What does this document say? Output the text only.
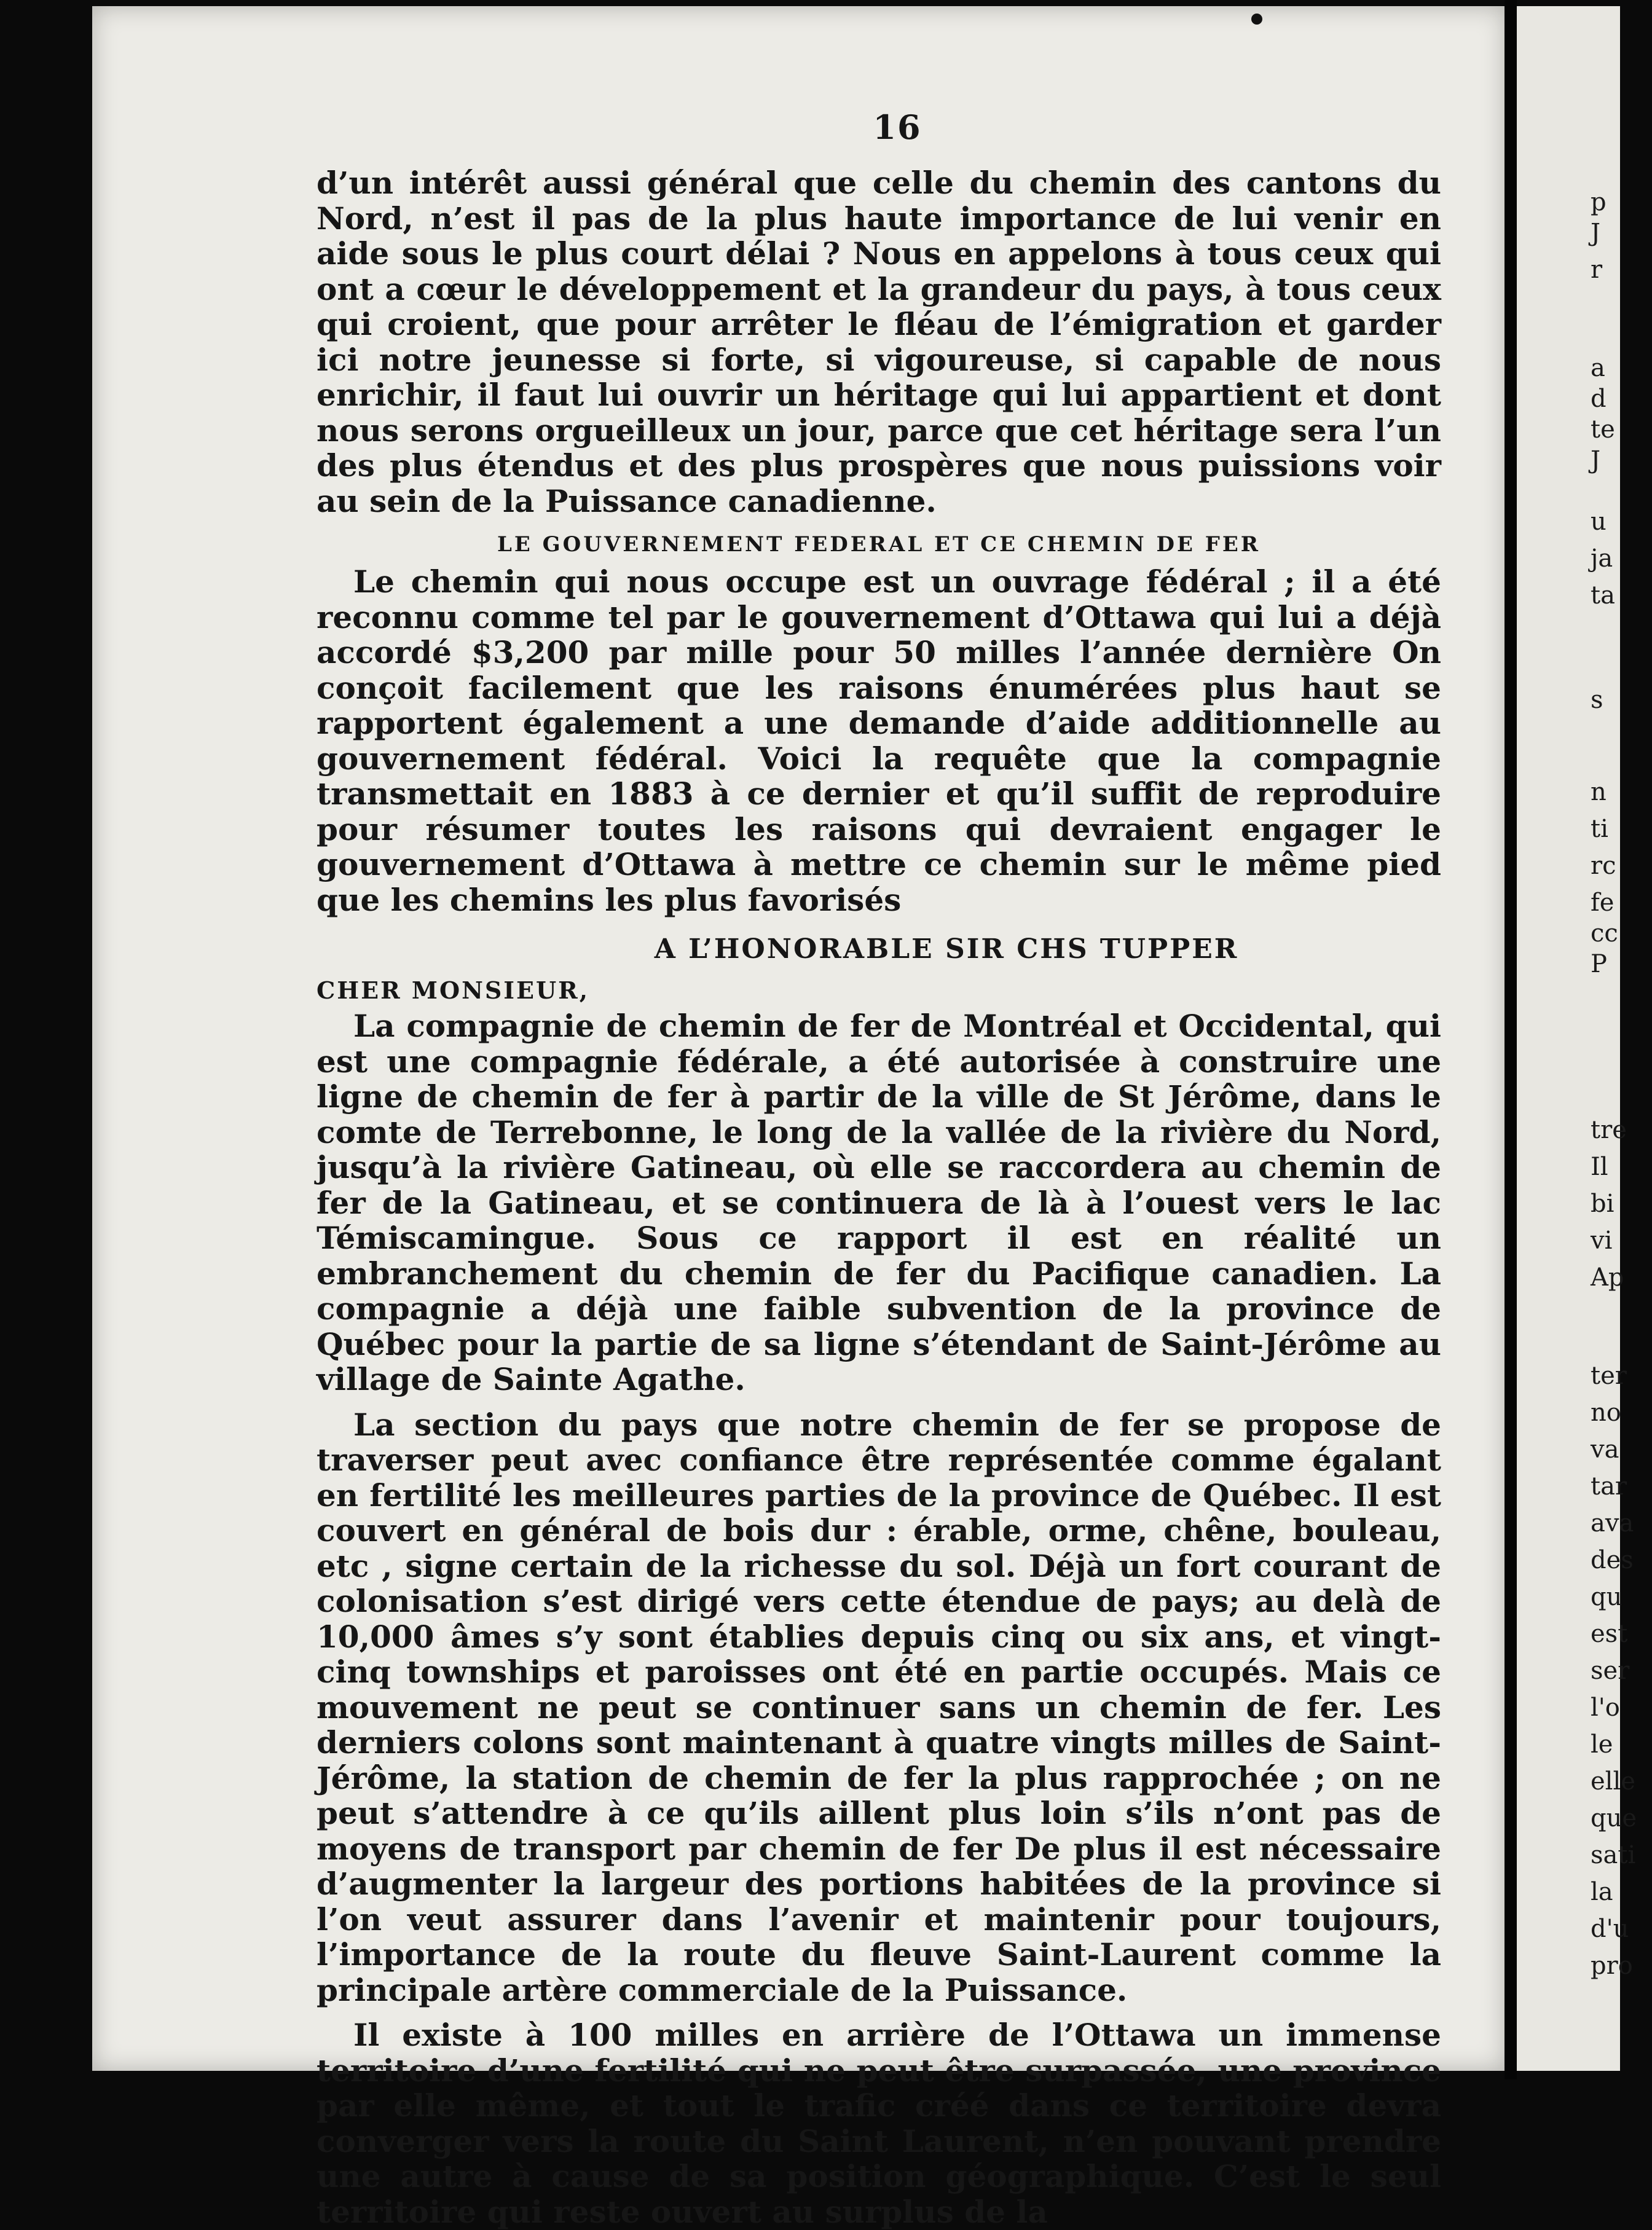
16

d’un intérêt aussi général que celle du chemin des cantons du Nord, n’est il pas de la plus haute importance de lui venir en aide sous le plus court délai ? Nous en appelons à tous ceux qui ont a cœur le développement et la grandeur du pays, à tous ceux qui croient, que pour arrêter le fléau de l’émigration et garder ici notre jeunesse si forte, si vigoureuse, si capable de nous enrichir, il faut lui ouvrir un héritage qui lui appartient et dont nous serons orgueilleux un jour, parce que cet héritage sera l’un des plus étendus et des plus prospères que nous puissions voir au sein de la Puissance canadienne.

LE GOUVERNEMENT FEDERAL ET CE CHEMIN DE FER

Le chemin qui nous occupe est un ouvrage fédéral ; il a été reconnu comme tel par le gouvernement d’Ottawa qui lui a déjà accordé $3,200 par mille pour 50 milles l’année dernière On conçoit facilement que les raisons énumérées plus haut se rapportent également a une demande d’aide additionnelle au gouvernement fédéral. Voici la requête que la compagnie transmettait en 1883 à ce dernier et qu’il suffit de reproduire pour résumer toutes les raisons qui devraient engager le gouvernement d’Ottawa à mettre ce chemin sur le même pied que les chemins les plus favorisés

A L’HONORABLE SIR CHS TUPPER
CHER MONSIEUR,

La compagnie de chemin de fer de Montréal et Occidental, qui est une compagnie fédérale, a été autorisée à construire une ligne de chemin de fer à partir de la ville de St Jérôme, dans le comte de Terrebonne, le long de la vallée de la rivière du Nord, jusqu’à la rivière Gatineau, où elle se raccordera au chemin de fer de la Gatineau, et se continuera de là à l’ouest vers le lac Témiscamingue. Sous ce rapport il est en réalité un embranchement du chemin de fer du Pacifique canadien. La compagnie a déjà une faible subvention de la province de Québec pour la partie de sa ligne s’étendant de Saint-Jérôme au village de Sainte Agathe.

La section du pays que notre chemin de fer se propose de traverser peut avec confiance être représentée comme égalant en fertilité les meilleures parties de la province de Québec. Il est couvert en général de bois dur : érable, orme, chêne, bouleau, etc , signe certain de la richesse du sol. Déjà un fort courant de colonisation s’est dirigé vers cette étendue de pays; au delà de 10,000 âmes s’y sont établies depuis cinq ou six ans, et vingt-cinq townships et paroisses ont été en partie occupés. Mais ce mouvement ne peut se continuer sans un chemin de fer. Les derniers colons sont maintenant à quatre vingts milles de Saint-Jérôme, la station de chemin de fer la plus rapprochée ; on ne peut s’attendre à ce qu’ils aillent plus loin s’ils n’ont pas de moyens de transport par chemin de fer De plus il est nécessaire d’augmenter la largeur des portions habitées de la province si l’on veut assurer dans l’avenir et maintenir pour toujours, l’importance de la route du fleuve Saint-Laurent comme la principale artère commerciale de la Puissance.

Il existe à 100 milles en arrière de l’Ottawa un immense territoire d’une fertilité qui ne peut être surpassée, une province par elle même, et tout le trafic créé dans ce territoire devra converger vers la route du Saint Laurent, n’en pouvant prendre une autre à cause de sa position géographique. C’est le seul territoire qui reste ouvert au surplus de la

p
J
r
a
d
te
J
u
ja
ta
s
n
ti
rc
fe
cc
P
tre
Il
bi
vi
Ap
ter
no
va
tar
ava
des
qu
est
ser
l'o
le
elle
que
sati
la
d'u
pro
